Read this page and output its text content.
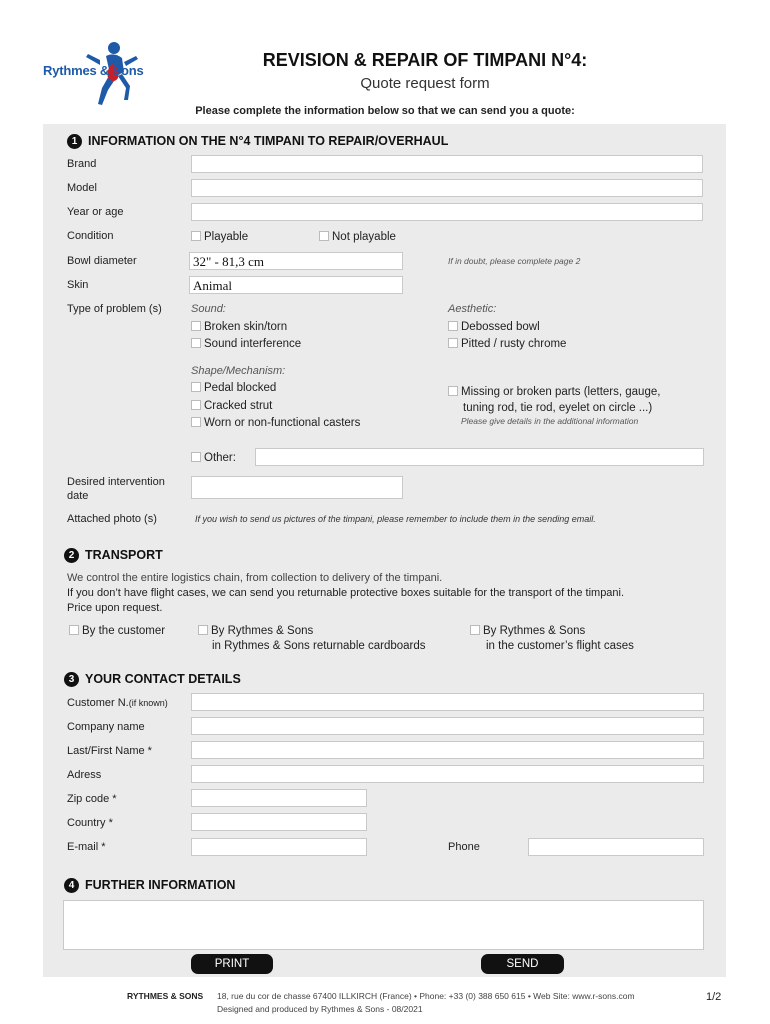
Rythmes & Sons
REVISION & REPAIR OF TIMPANI N°4:
Quote request form
Please complete the information below so that we can send you a quote:
1 INFORMATION ON THE N°4 TIMPANI TO REPAIR/OVERHAUL
Brand
Model
Year or age
Condition	Playable	Not playable
Bowl diameter	32" - 81,3 cm	If in doubt, please complete page 2
Skin	Animal
Type of problem (s)	Sound:
Broken skin/torn
Sound interference
Aesthetic:
Debossed bowl
Pitted / rusty chrome
Shape/Mechanism:
Pedal blocked
Cracked strut
Worn or non-functional casters
Missing or broken parts (letters, gauge,
tuning rod, tie rod, eyelet on circle ...)
Please give details in the additional information
Other:
Desired intervention
date
Attached photo (s)	If you wish to send us pictures of the timpani, please remember to include them in the sending email.
2 TRANSPORT
We control the entire logistics chain, from collection to delivery of the timpani.
If you don’t have flight cases, we can send you returnable protective boxes suitable for the transport of the timpani.
Price upon request.
By the customer	By Rythmes & Sons
in Rythmes & Sons returnable cardboards
By Rythmes & Sons
in the customer’s flight cases
3 YOUR CONTACT DETAILS
Customer N.(if known)
Company name
Last/First Name *
Adress
Zip code *
Country *
E-mail *	Phone
4 FURTHER INFORMATION
PRINT	SEND
RYTHMES & SONS 18, rue du cor de chasse 67400 ILLKIRCH (France) • Phone: +33 (0) 388 650 615 • Web Site: www.r-sons.com
Designed and produced by Rythmes & Sons - 08/2021
1/2
